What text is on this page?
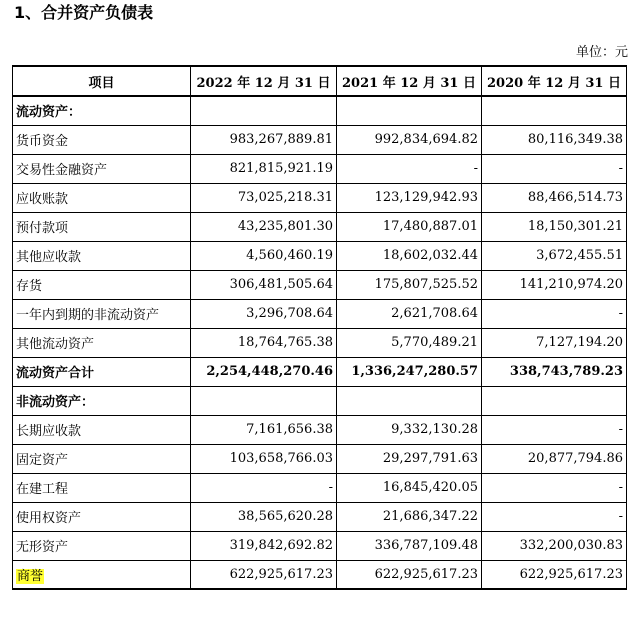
1、合并资产负债表
单位：元
项目	2022 年 12 月 31 日	2021 年 12 月 31 日	2020 年 12 月 31 日
流动资产：			
货币资金	983,267,889.81	992,834,694.82	80,116,349.38
交易性金融资产	821,815,921.19	-	-
应收账款	73,025,218.31	123,129,942.93	88,466,514.73
预付款项	43,235,801.30	17,480,887.01	18,150,301.21
其他应收款	4,560,460.19	18,602,032.44	3,672,455.51
存货	306,481,505.64	175,807,525.52	141,210,974.20
一年内到期的非流动资产	3,296,708.64	2,621,708.64	-
其他流动资产	18,764,765.38	5,770,489.21	7,127,194.20
流动资产合计	2,254,448,270.46	1,336,247,280.57	338,743,789.23
非流动资产：			
长期应收款	7,161,656.38	9,332,130.28	-
固定资产	103,658,766.03	29,297,791.63	20,877,794.86
在建工程	-	16,845,420.05	-
使用权资产	38,565,620.28	21,686,347.22	-
无形资产	319,842,692.82	336,787,109.48	332,200,030.83
商誉	622,925,617.23	622,925,617.23	622,925,617.23
